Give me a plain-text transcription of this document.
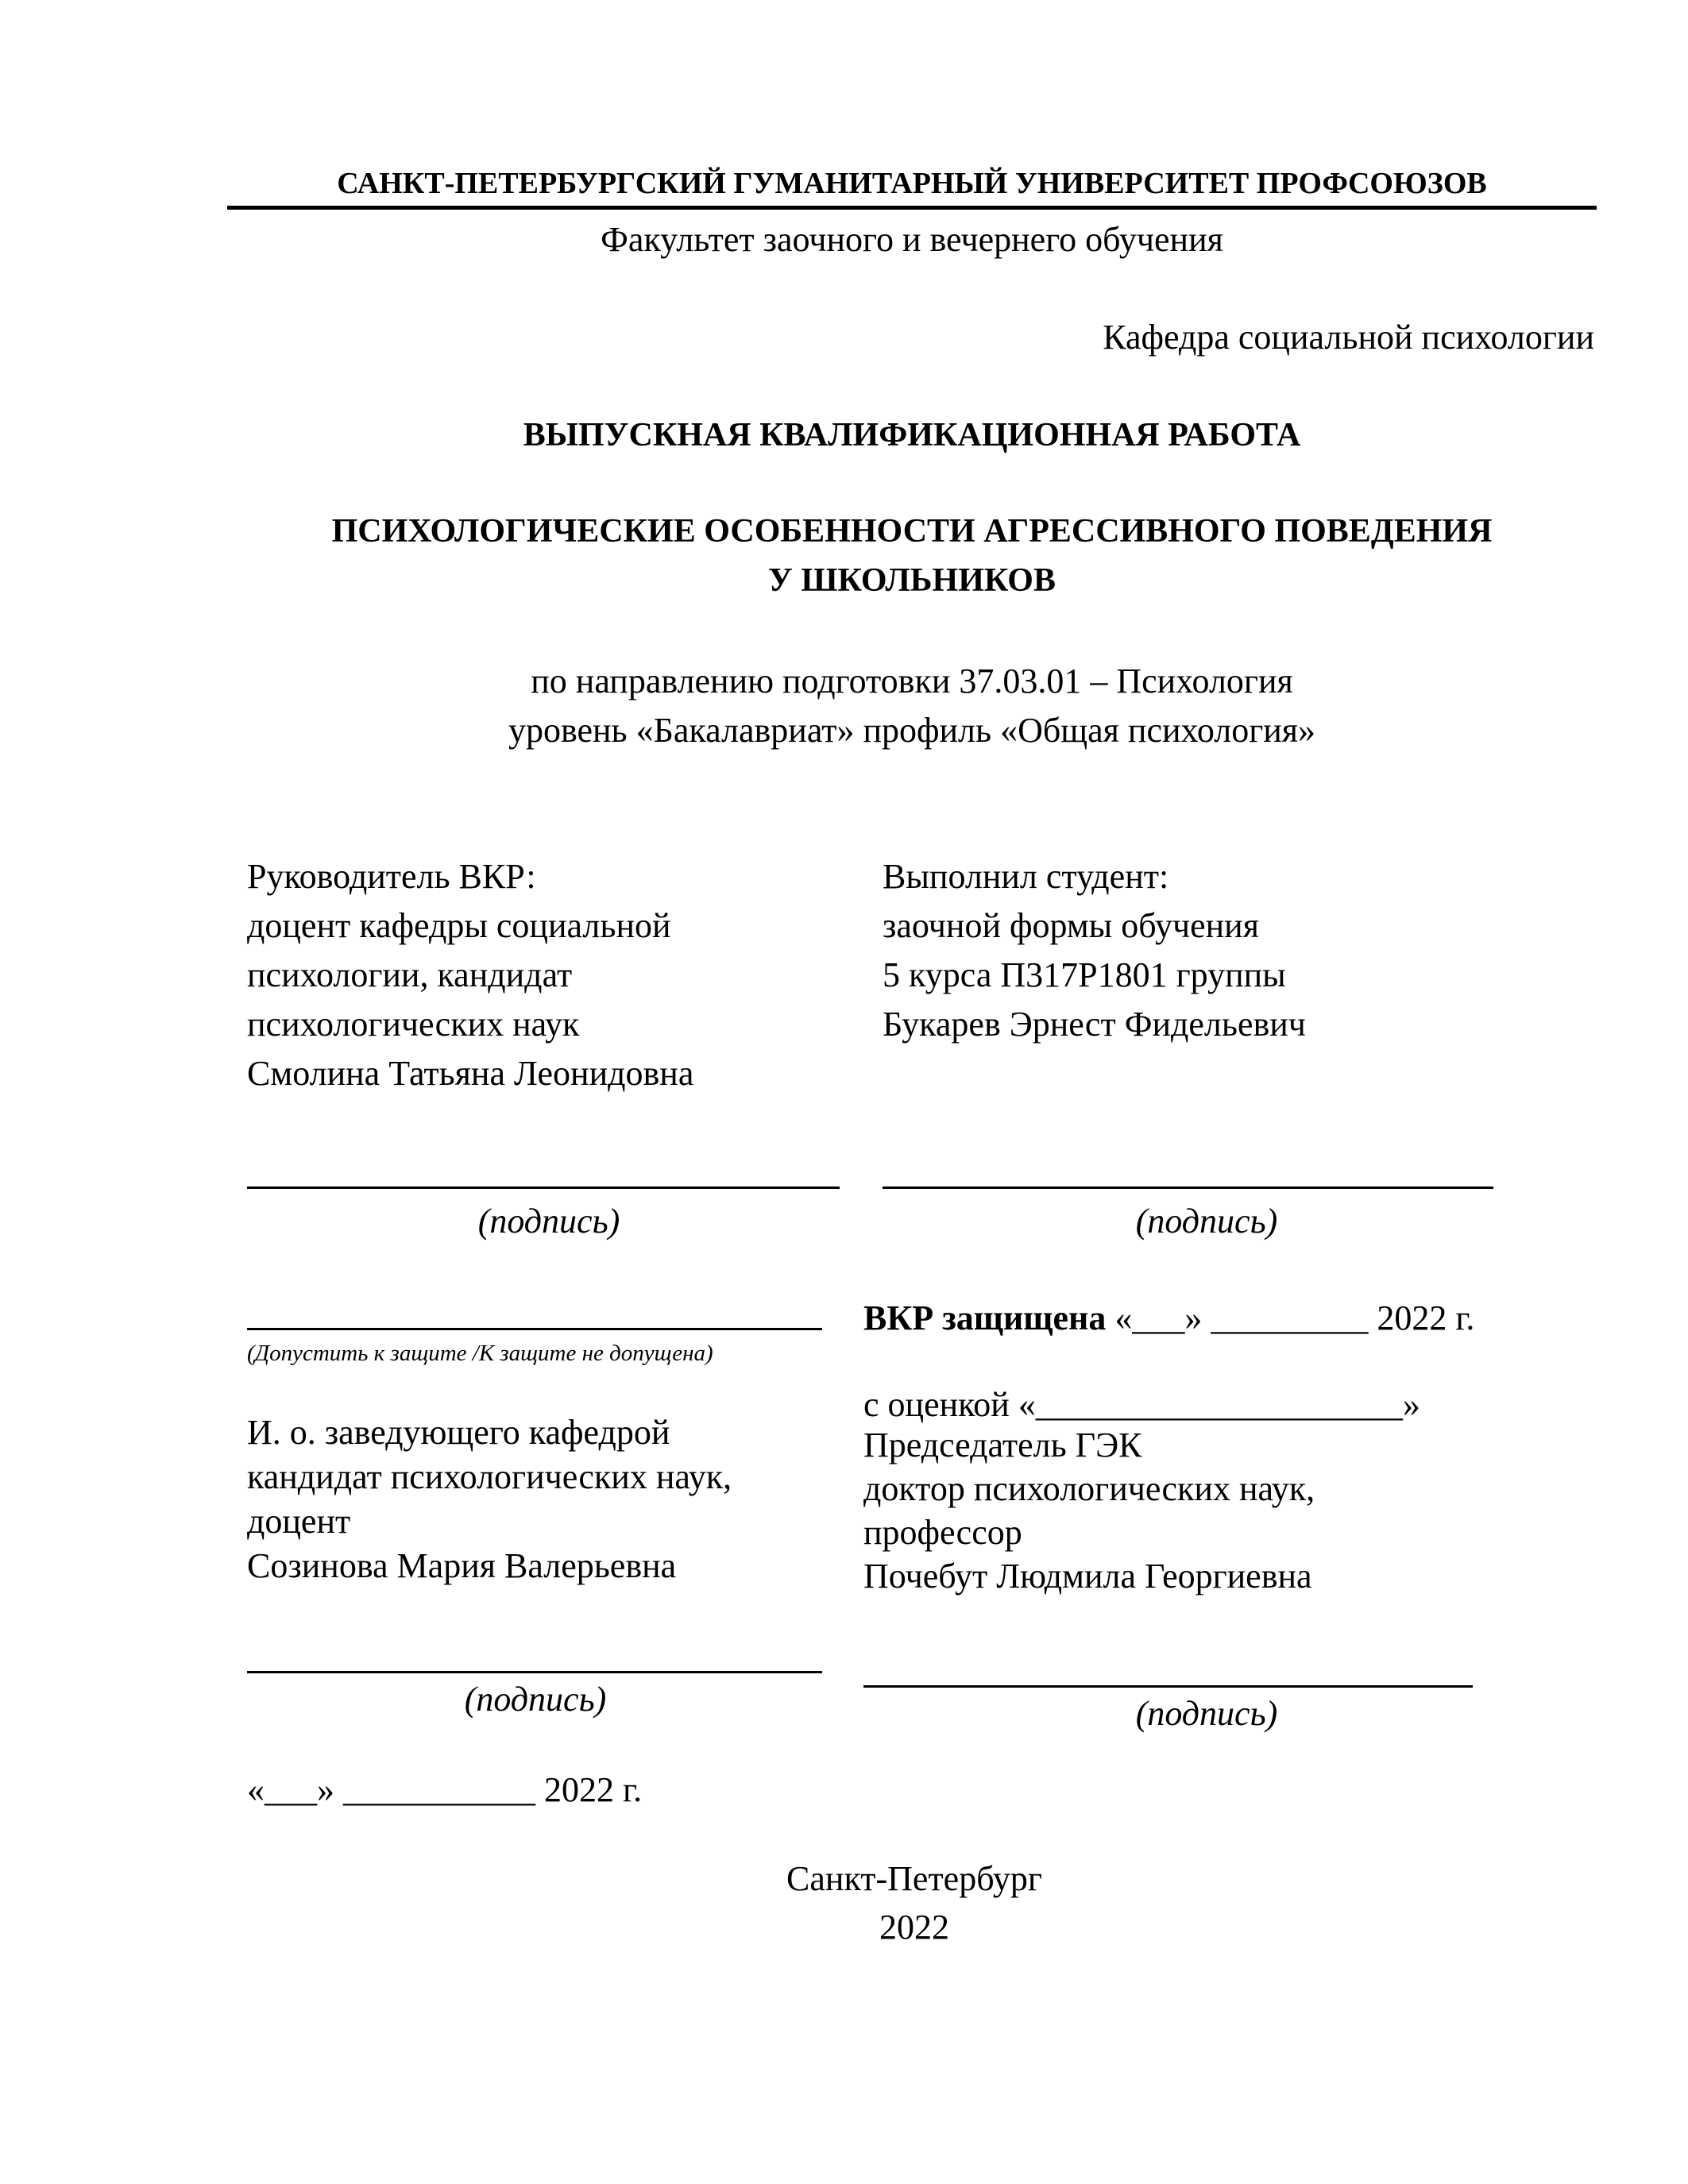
САНКТ-ПЕТЕРБУРГСКИЙ ГУМАНИТАРНЫЙ УНИВЕРСИТЕТ ПРОФСОЮЗОВ
Факультет заочного и вечернего обучения
Кафедра социальной психологии
ВЫПУСКНАЯ КВАЛИФИКАЦИОННАЯ РАБОТА
ПСИХОЛОГИЧЕСКИЕ ОСОБЕННОСТИ АГРЕССИВНОГО ПОВЕДЕНИЯ
У ШКОЛЬНИКОВ
по направлению подготовки 37.03.01 – Психология
уровень «Бакалавриат» профиль «Общая психология»
Руководитель ВКР:
доцент кафедры социальной
психологии, кандидат
психологических наук
Смолина Татьяна Леонидовна
Выполнил студент:
заочной формы обучения
5 курса П317Р1801 группы
Букарев Эрнест Фидельевич
(подпись)	(подпись)
(Допустить к защите /К защите не допущена)
ВКР защищена «___» _________ 2022 г.
с оценкой «_____________________»
Председатель ГЭК
доктор психологических наук,
профессор
Почебут Людмила Георгиевна
И. о. заведующего кафедрой
кандидат психологических наук,
доцент
Созинова Мария Валерьевна
(подпись)	(подпись)
«___» ___________ 2022 г.
Санкт-Петербург
2022
